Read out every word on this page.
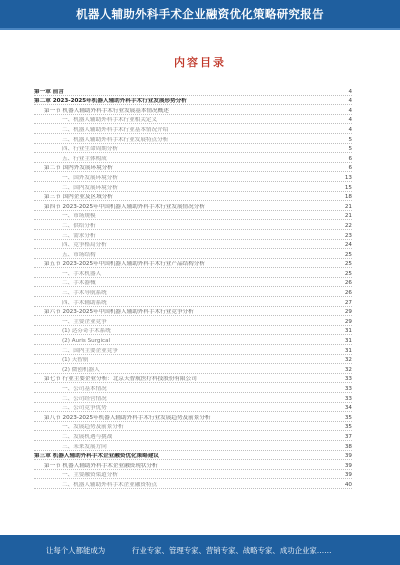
机器人辅助外科手术企业融资优化策略研究报告
内容目录
第一章 前言	4
第二章 2023-2025年机器人辅助外科手术行业发展形势分析	4
第一节 机器人辅助外科手术行业发展基本情况概述	4
一、机器人辅助外科手术行业相关定义	4
二、机器人辅助外科手术行业基本情况介绍	4
三、机器人辅助外科手术行业发展特点分析	5
四、行业生命周期分析	5
五、行业主体构成	6
第二节 国内外发展环境分析	6
一、国外发展环境分析	13
二、国内发展环境分析	15
第三节 国内企业及区域分析	18
第四节 2023-2025年中国机器人辅助外科手术行业发展情况分析	21
一、市场规模	21
二、供给分析	22
三、需求分析	23
四、竞争格局分析	24
五、市场结构	25
第五节 2023-2025年中国机器人辅助外科手术行业产品结构分析	25
一、手术机器人	25
二、手术器械	26
三、手术导航系统	26
四、手术辅助系统	27
第六节 2023-2025年中国机器人辅助外科手术行业竞争分析	29
一、主要企业竞争	29
(1) 达芬奇手术系统	31
(2) Auris Surgical	31
二、国内主要企业竞争	31
(1) 天智航	32
(2) 微创机器人	32
第七节 行业主要企业分析：北京天智航医疗科技股份有限公司	33
一、公司基本情况	33
二、公司经营情况	33
三、公司竞争优势	34
第八节 2023-2025年机器人辅助外科手术行业发展趋势及前景分析	35
一、发展趋势及前景分析	35
二、发展机遇与挑战	37
三、未来发展方向	38
第三章 机器人辅助外科手术企业融资优化策略建议	39
第一节 机器人辅助外科手术企业融资现状分析	39
一、主要融资渠道分析	39
二、机器人辅助外科手术企业融资特点	40
让每个人都能成为	行业专家、管理专家、营销专家、战略专家、成功企业家……
